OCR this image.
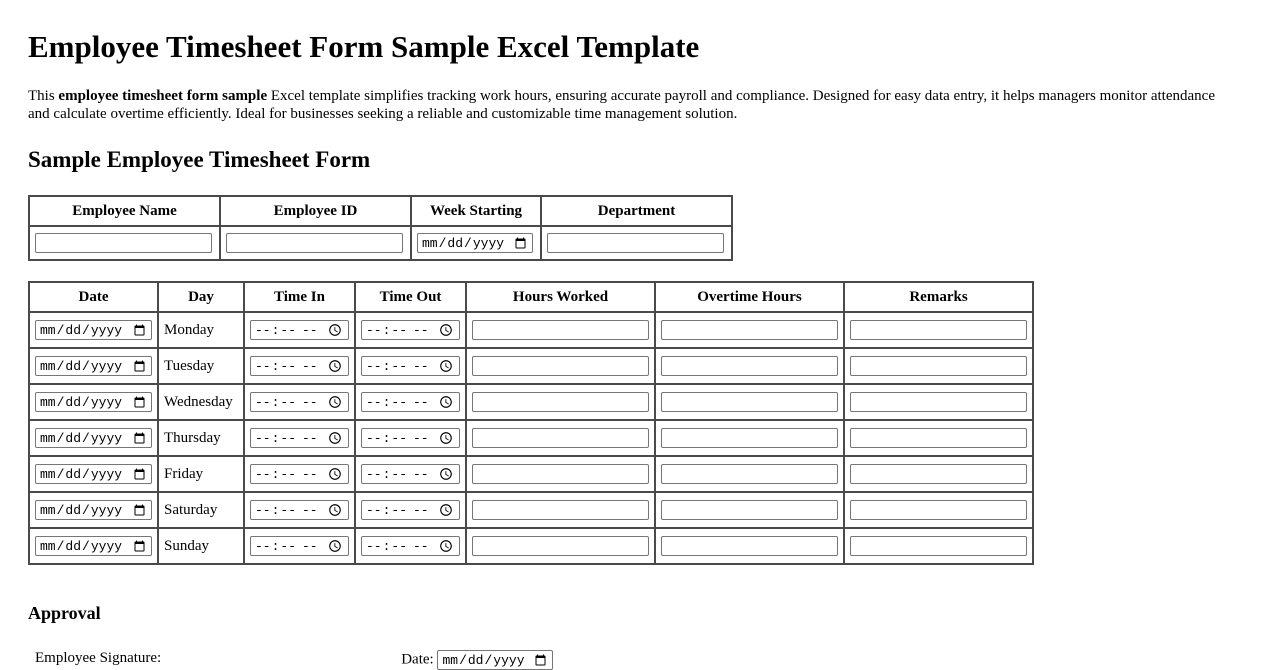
Employee Timesheet Form Sample Excel Template

This employee timesheet form sample Excel template simplifies tracking work hours, ensuring accurate payroll and compliance. Designed for easy data entry, it helps managers monitor attendance and calculate overtime efficiently. Ideal for businesses seeking a reliable and customizable time management solution.

Sample Employee Timesheet Form
Employee Name	Employee ID	Week Starting	Department

Date	Day	Time In	Time Out	Hours Worked	Overtime Hours	Remarks
	Monday					
	Tuesday					
	Wednesday					
	Thursday					
	Friday					
	Saturday					
	Sunday					
Approval
Employee Signature:	Date:
